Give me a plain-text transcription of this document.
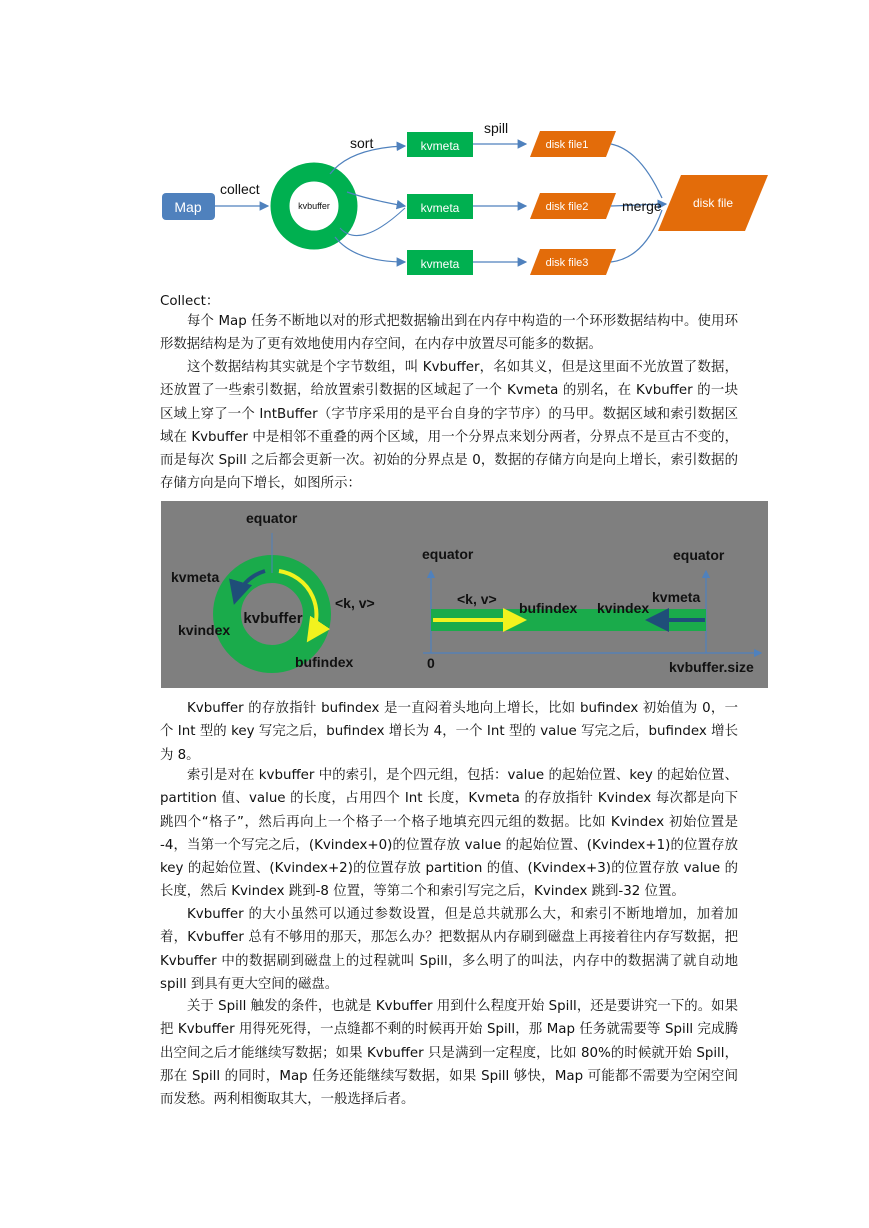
Map
collect
kvbuffer
sort
spill
kvmeta
kvmeta
kvmeta
disk file1
disk file2
disk file3
merge	disk file

Collect：

每个 Map 任务不断地以对的形式把数据输出到在内存中构造的一个环形数据结构中。使用环形数据结构是为了更有效地使用内存空间，在内存中放置尽可能多的数据。

这个数据结构其实就是个字节数组，叫 Kvbuffer，名如其义，但是这里面不光放置了数据，还放置了一些索引数据，给放置索引数据的区域起了一个 Kvmeta 的别名，在 Kvbuffer 的一块区域上穿了一个 IntBuffer（字节序采用的是平台自身的字节序）的马甲。数据区域和索引数据区域在 Kvbuffer 中是相邻不重叠的两个区域，用一个分界点来划分两者，分界点不是亘古不变的，而是每次 Spill 之后都会更新一次。初始的分界点是 0，数据的存储方向是向上增长，索引数据的存储方向是向下增长，如图所示：

equator
kvmeta
kvindex
kvbuffer
<k, v>
bufindex
equator	equator
<k, v>
bufindex kvindex
kvmeta
0	kvbuffer.size

Kvbuffer 的存放指针 bufindex 是一直闷着头地向上增长，比如 bufindex 初始值为 0，一个 Int 型的 key 写完之后，bufindex 增长为 4，一个 Int 型的 value 写完之后，bufindex 增长为 8。

索引是对在 kvbuffer 中的索引，是个四元组，包括：value 的起始位置、key 的起始位置、partition 值、value 的长度，占用四个 Int 长度，Kvmeta 的存放指针 Kvindex 每次都是向下跳四个“格子”，然后再向上一个格子一个格子地填充四元组的数据。比如 Kvindex 初始位置是 -4，当第一个写完之后，(Kvindex+0)的位置存放 value 的起始位置、(Kvindex+1)的位置存放 key 的起始位置、(Kvindex+2)的位置存放 partition 的值、(Kvindex+3)的位置存放 value 的长度，然后 Kvindex 跳到-8 位置，等第二个和索引写完之后，Kvindex 跳到-32 位置。

Kvbuffer 的大小虽然可以通过参数设置，但是总共就那么大，和索引不断地增加，加着加着，Kvbuffer 总有不够用的那天，那怎么办？把数据从内存刷到磁盘上再接着往内存写数据，把 Kvbuffer 中的数据刷到磁盘上的过程就叫 Spill，多么明了的叫法，内存中的数据满了就自动地 spill 到具有更大空间的磁盘。

关于 Spill 触发的条件，也就是 Kvbuffer 用到什么程度开始 Spill，还是要讲究一下的。如果把 Kvbuffer 用得死死得，一点缝都不剩的时候再开始 Spill，那 Map 任务就需要等 Spill 完成腾出空间之后才能继续写数据；如果 Kvbuffer 只是满到一定程度，比如 80%的时候就开始 Spill，那在 Spill 的同时，Map 任务还能继续写数据，如果 Spill 够快，Map 可能都不需要为空闲空间而发愁。两利相衡取其大，一般选择后者。
